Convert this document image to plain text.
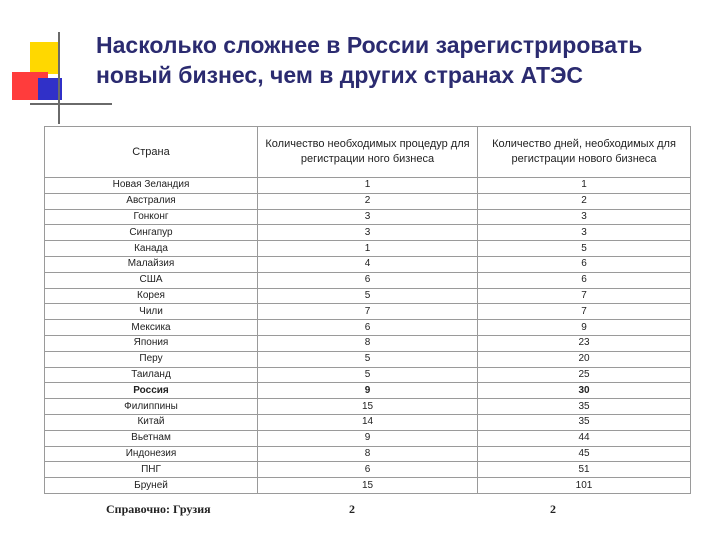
Насколько сложнее в России зарегистрировать
новый бизнес, чем в других странах АТЭС
Страна	Количество необходимых процедур для регистрации ного бизнеса	Количество дней, необходимых для регистрации нового бизнеса
Новая Зеландия	1	1
Австралия	2	2
Гонконг	3	3
Сингапур	3	3
Канада	1	5
Малайзия	4	6
США	6	6
Корея	5	7
Чили	7	7
Мексика	6	9
Япония	8	23
Перу	5	20
Таиланд	5	25
Россия	9	30
Филиппины	15	35
Китай	14	35
Вьетнам	9	44
Индонезия	8	45
ПНГ	6	51
Бруней	15	101
Справочно: Грузия	2	2
